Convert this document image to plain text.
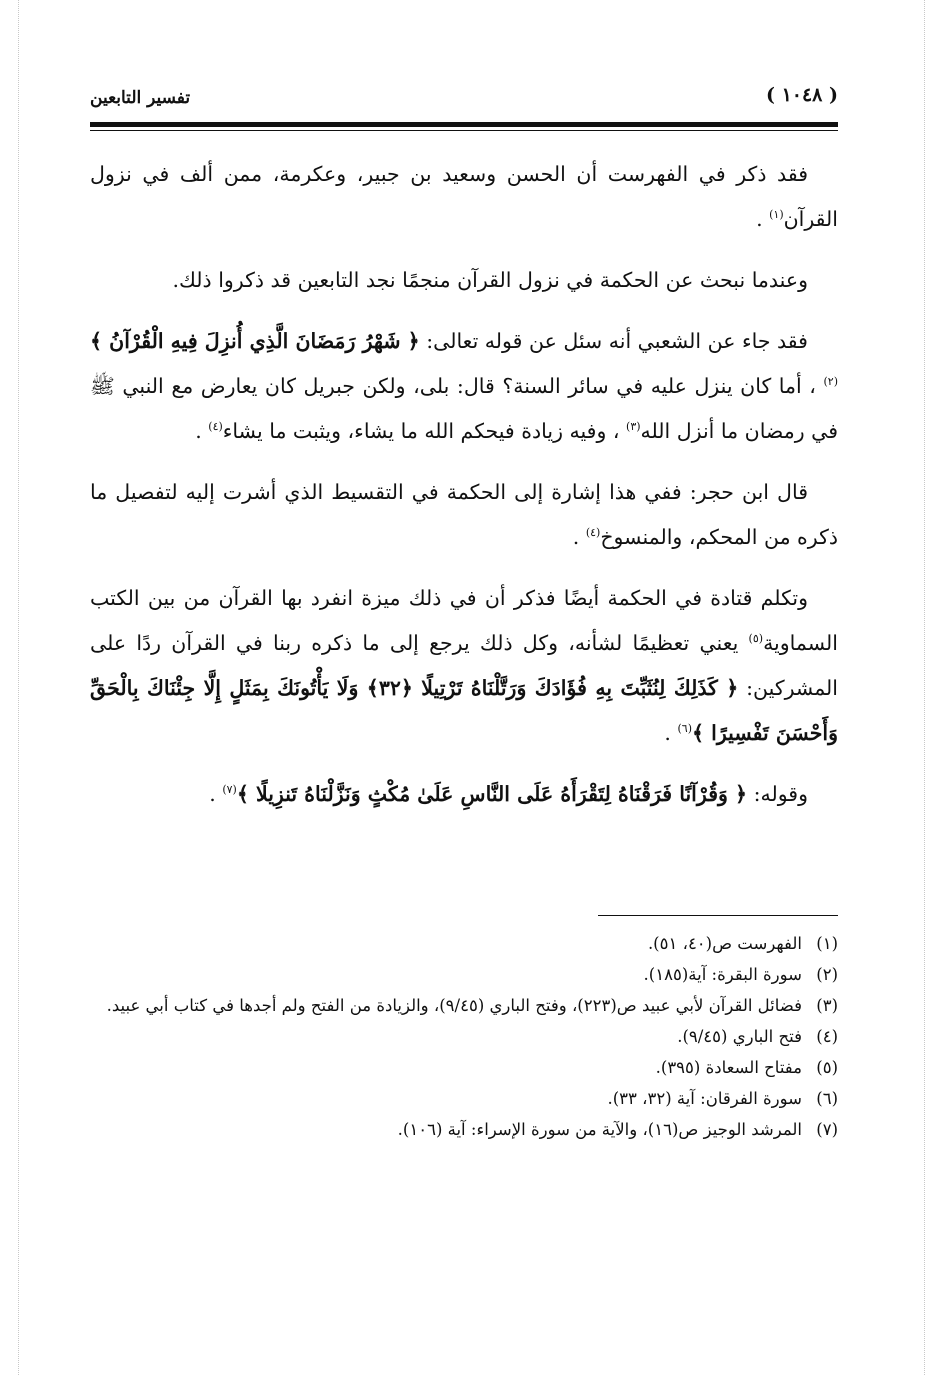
تفسير التابعين	( ١٠٤٨ )

فقد ذكر في الفهرست أن الحسن وسعيد بن جبير، وعكرمة، ممن ألف في نزول القرآن$^{(١)}$ .

وعندما نبحث عن الحكمة في نزول القرآن منجمًا نجد التابعين قد ذكروا ذلك.

فقد جاء عن الشعبي أنه سئل عن قوله تعالى: ﴿ شَهْرُ رَمَضَانَ الَّذِي أُنزِلَ فِيهِ الْقُرْآنُ ﴾ $^{(٢)}$ ، أما كان ينزل عليه في سائر السنة؟ قال: بلى، ولكن جبريل كان يعارض مع النبي ﷺ في رمضان ما أنزل الله$^{(٣)}$ ، وفيه زيادة فيحكم الله ما يشاء، ويثبت ما يشاء$^{(٤)}$ .

قال ابن حجر: ففي هذا إشارة إلى الحكمة في التقسيط الذي أشرت إليه لتفصيل ما ذكره من المحكم، والمنسوخ$^{(٤)}$ .

وتكلم قتادة في الحكمة أيضًا فذكر أن في ذلك ميزة انفرد بها القرآن من بين الكتب السماوية$^{(٥)}$ يعني تعظيمًا لشأنه، وكل ذلك يرجع إلى ما ذكره ربنا في القرآن ردًا على المشركين: ﴿ كَذَلِكَ لِنُثَبِّتَ بِهِ فُؤَادَكَ وَرَتَّلْنَاهُ تَرْتِيلًا ﴿٣٢﴾ وَلَا يَأْتُونَكَ بِمَثَلٍ إِلَّا جِئْنَاكَ بِالْحَقِّ وَأَحْسَنَ تَفْسِيرًا ﴾$^{(٦)}$ .

وقوله: ﴿ وَقُرْآنًا فَرَقْنَاهُ لِتَقْرَأَهُ عَلَى النَّاسِ عَلَىٰ مُكْثٍ وَنَزَّلْنَاهُ تَنزِيلًا ﴾$^{(٧)}$ .

(١)
الفهرست ص(٤٠، ٥١).
(٢)
سورة البقرة: آية(١٨٥).
(٣)
فضائل القرآن لأبي عبيد ص(٢٢٣)، وفتح الباري (٩/٤٥)، والزيادة من الفتح ولم أجدها في كتاب أبي عبيد.
(٤)
فتح الباري (٩/٤٥).
(٥)
مفتاح السعادة (٣٩٥).
(٦)
سورة الفرقان: آية (٣٢، ٣٣).
(٧)
المرشد الوجيز ص(١٦)، والآية من سورة الإسراء: آية (١٠٦).
